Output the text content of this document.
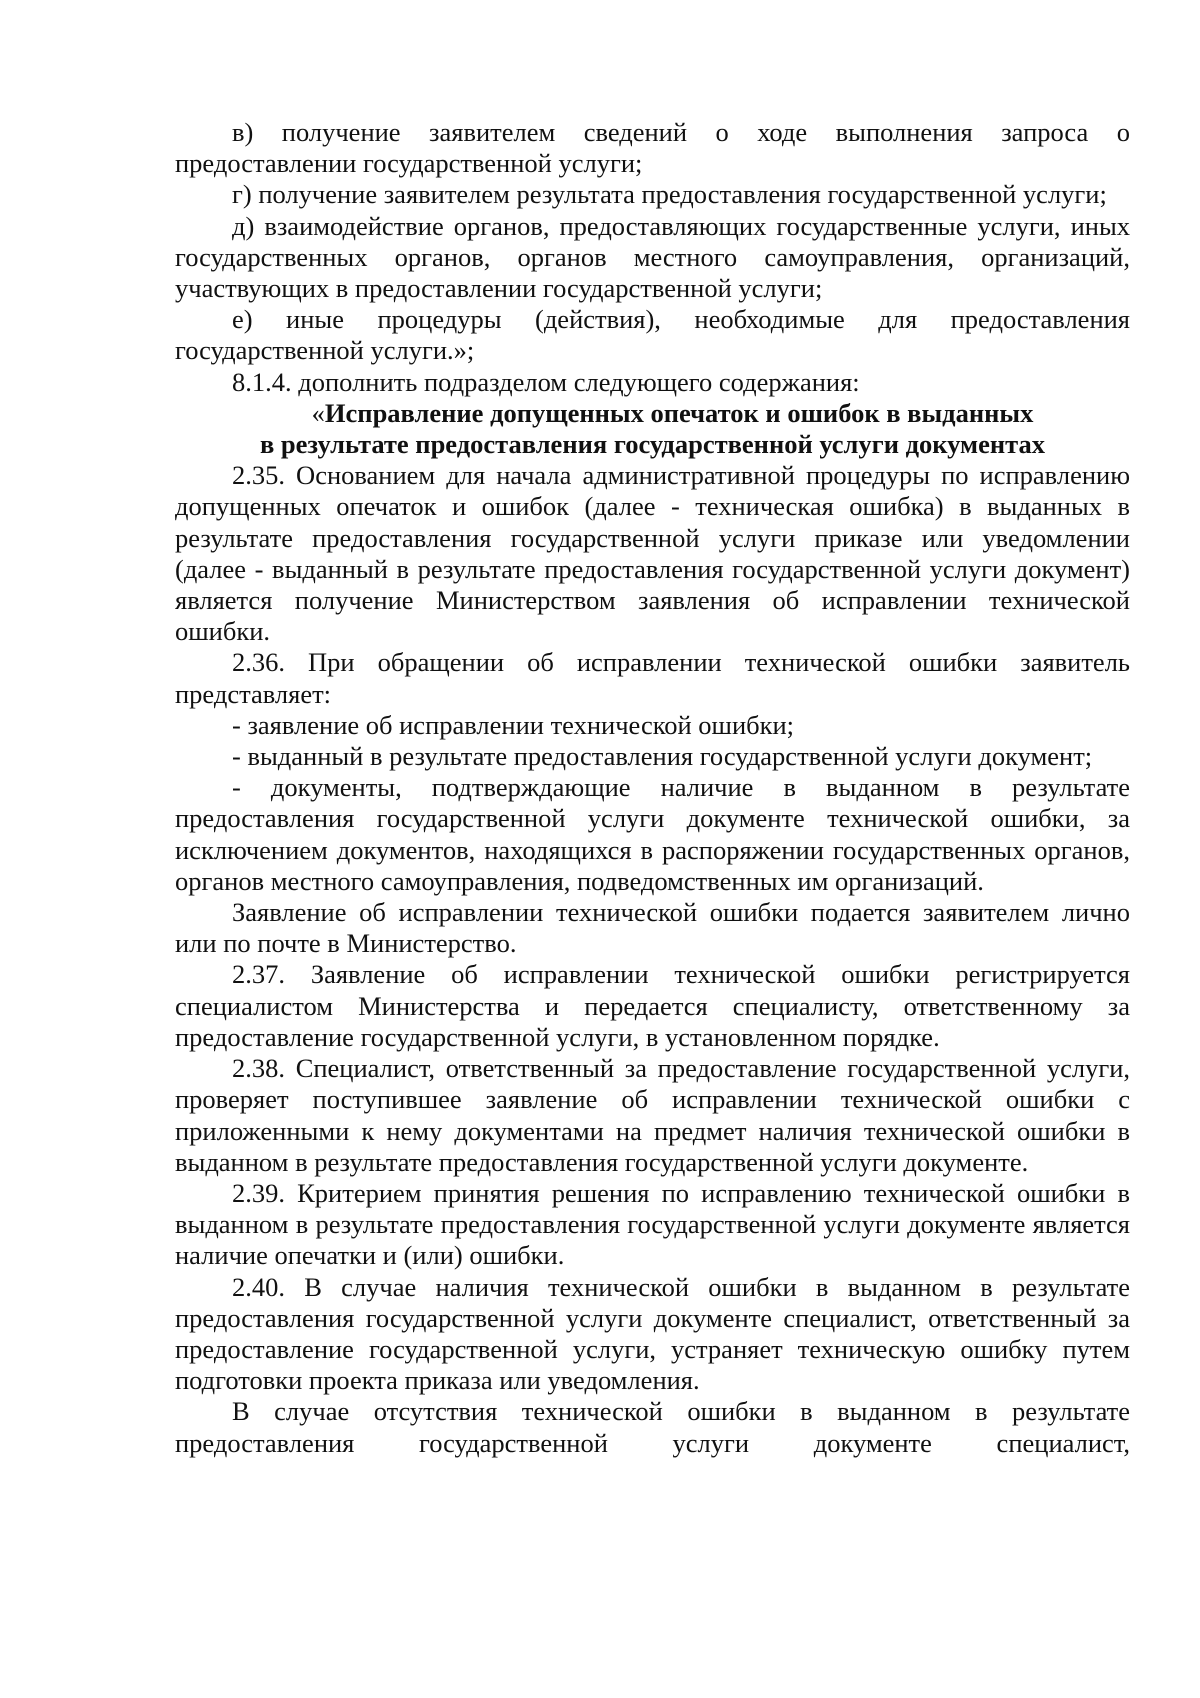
в) получение заявителем сведений о ходе выполнения запроса о предоставлении государственной услуги;

г) получение заявителем результата предоставления государственной услуги;

д) взаимодействие органов, предоставляющих государственные услуги, иных государственных органов, органов местного самоуправления, организаций, участвующих в предоставлении государственной услуги;

е) иные процедуры (действия), необходимые для предоставления государственной услуги.»;

8.1.4. дополнить подразделом следующего содержания:

«Исправление допущенных опечаток и ошибок в выданных
в результате предоставления государственной услуги документах

2.35. Основанием для начала административной процедуры по исправлению допущенных опечаток и ошибок (далее - техническая ошибка) в выданных в результате предоставления государственной услуги приказе или уведомлении (далее - выданный в результате предоставления государственной услуги документ) является получение Министерством заявления об исправлении технической ошибки.

2.36. При обращении об исправлении технической ошибки заявитель представляет:

- заявление об исправлении технической ошибки;

- выданный в результате предоставления государственной услуги документ;

- документы, подтверждающие наличие в выданном в результате предоставления государственной услуги документе технической ошибки, за исключением документов, находящихся в распоряжении государственных органов, органов местного самоуправления, подведомственных им организаций.

Заявление об исправлении технической ошибки подается заявителем лично или по почте в Министерство.

2.37. Заявление об исправлении технической ошибки регистрируется специалистом Министерства и передается специалисту, ответственному за предоставление государственной услуги, в установленном порядке.

2.38. Специалист, ответственный за предоставление государственной услуги, проверяет поступившее заявление об исправлении технической ошибки с приложенными к нему документами на предмет наличия технической ошибки в выданном в результате предоставления государственной услуги документе.

2.39. Критерием принятия решения по исправлению технической ошибки в выданном в результате предоставления государственной услуги документе является наличие опечатки и (или) ошибки.

2.40. В случае наличия технической ошибки в выданном в результате предоставления государственной услуги документе специалист, ответственный за предоставление государственной услуги, устраняет техническую ошибку путем подготовки проекта приказа или уведомления.

В случае отсутствия технической ошибки в выданном в результате предоставления государственной услуги документе специалист,
